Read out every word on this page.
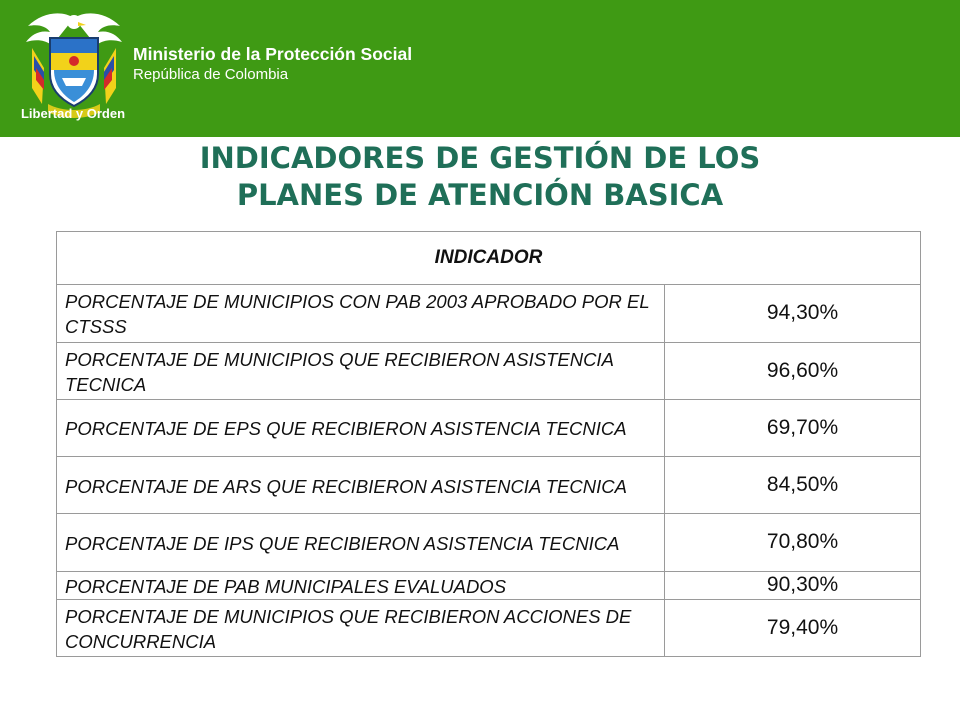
Libertad y Orden
Ministerio de la Protección Social
República de Colombia
INDICADORES DE GESTIÓN DE LOS
PLANES DE ATENCIÓN BASICA
INDICADOR	
PORCENTAJE DE MUNICIPIOS CON PAB 2003 APROBADO POR EL CTSSS	94,30%
PORCENTAJE DE MUNICIPIOS QUE RECIBIERON ASISTENCIA TECNICA	96,60%
PORCENTAJE DE EPS QUE RECIBIERON ASISTENCIA TECNICA	69,70%
PORCENTAJE DE ARS QUE RECIBIERON ASISTENCIA TECNICA	84,50%
PORCENTAJE DE IPS QUE RECIBIERON ASISTENCIA TECNICA	70,80%
PORCENTAJE DE PAB MUNICIPALES EVALUADOS	90,30%
PORCENTAJE DE MUNICIPIOS QUE RECIBIERON ACCIONES DE CONCURRENCIA	79,40%
